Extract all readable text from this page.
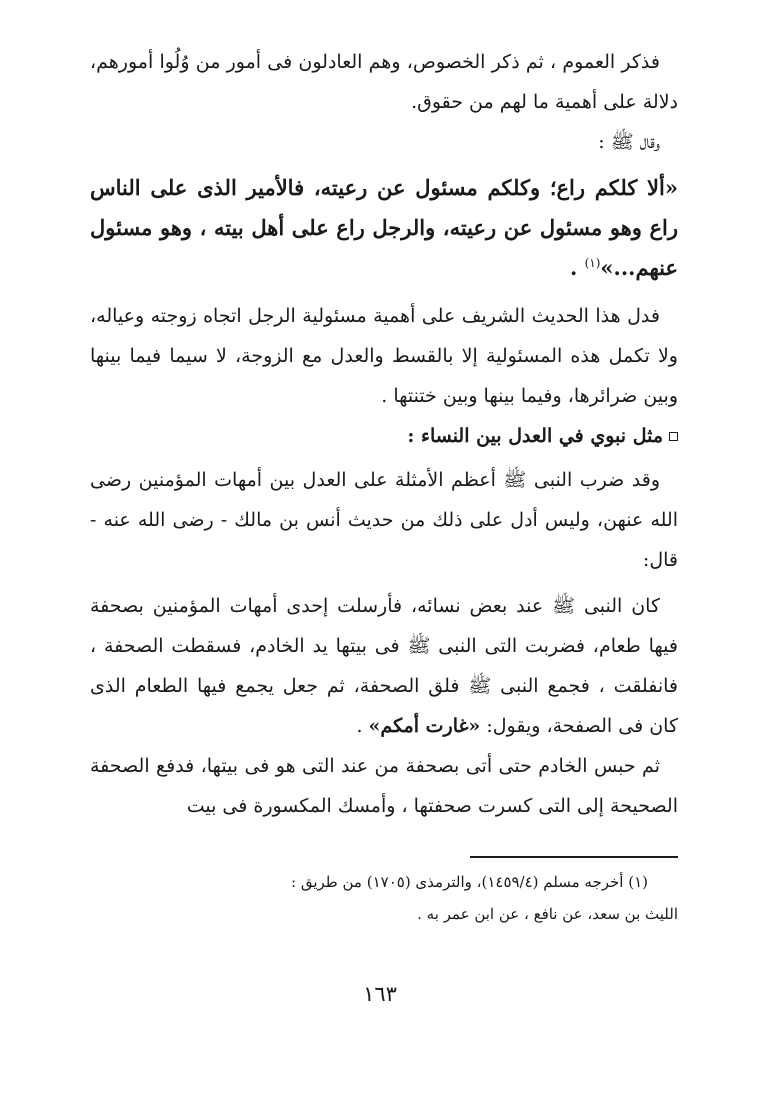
فذكر العموم ، ثم ذكر الخصوص، وهم العادلون فى أمور من وُلُوا أمورهم، دلالة على أهمية ما لهم من حقوق.

وقال ﷺ :

«ألا كلكم راع؛ وكلكم مسئول عن رعيته، فالأمير الذى على الناس راع وهو مسئول عن رعيته، والرجل راع على أهل بيته ، وهو مسئول عنهم...»$^{(١)}$ .

فدل هذا الحديث الشريف على أهمية مسئولية الرجل اتجاه زوجته وعياله، ولا تكمل هذه المسئولية إلا بالقسط والعدل مع الزوجة، لا سيما فيما بينها وبين ضرائرها، وفيما بينها وبين ختنتها .

مثل نبوي في العدل بين النساء :

وقد ضرب النبى ﷺ أعظم الأمثلة على العدل بين أمهات المؤمنين رضى الله عنهن، وليس أدل على ذلك من حديث أنس بن مالك - رضى الله عنه - قال:

كان النبى ﷺ عند بعض نسائه، فأرسلت إحدى أمهات المؤمنين بصحفة فيها طعام، فضربت التى النبى ﷺ فى بيتها يد الخادم، فسقطت الصحفة ، فانفلقت ، فجمع النبى ﷺ فلق الصحفة، ثم جعل يجمع فيها الطعام الذى كان فى الصفحة، ويقول: «غارت أمكم» .

ثم حبس الخادم حتى أتى بصحفة من عند التى هو فى بيتها، فدفع الصحفة الصحيحة إلى التى كسرت صحفتها ، وأمسك المكسورة فى بيت

(١) أخرجه مسلم (١٤٥٩/٤)، والترمذى (١٧٠٥) من طريق :

الليث بن سعد، عن نافع ، عن ابن عمر به .

١٦٣
